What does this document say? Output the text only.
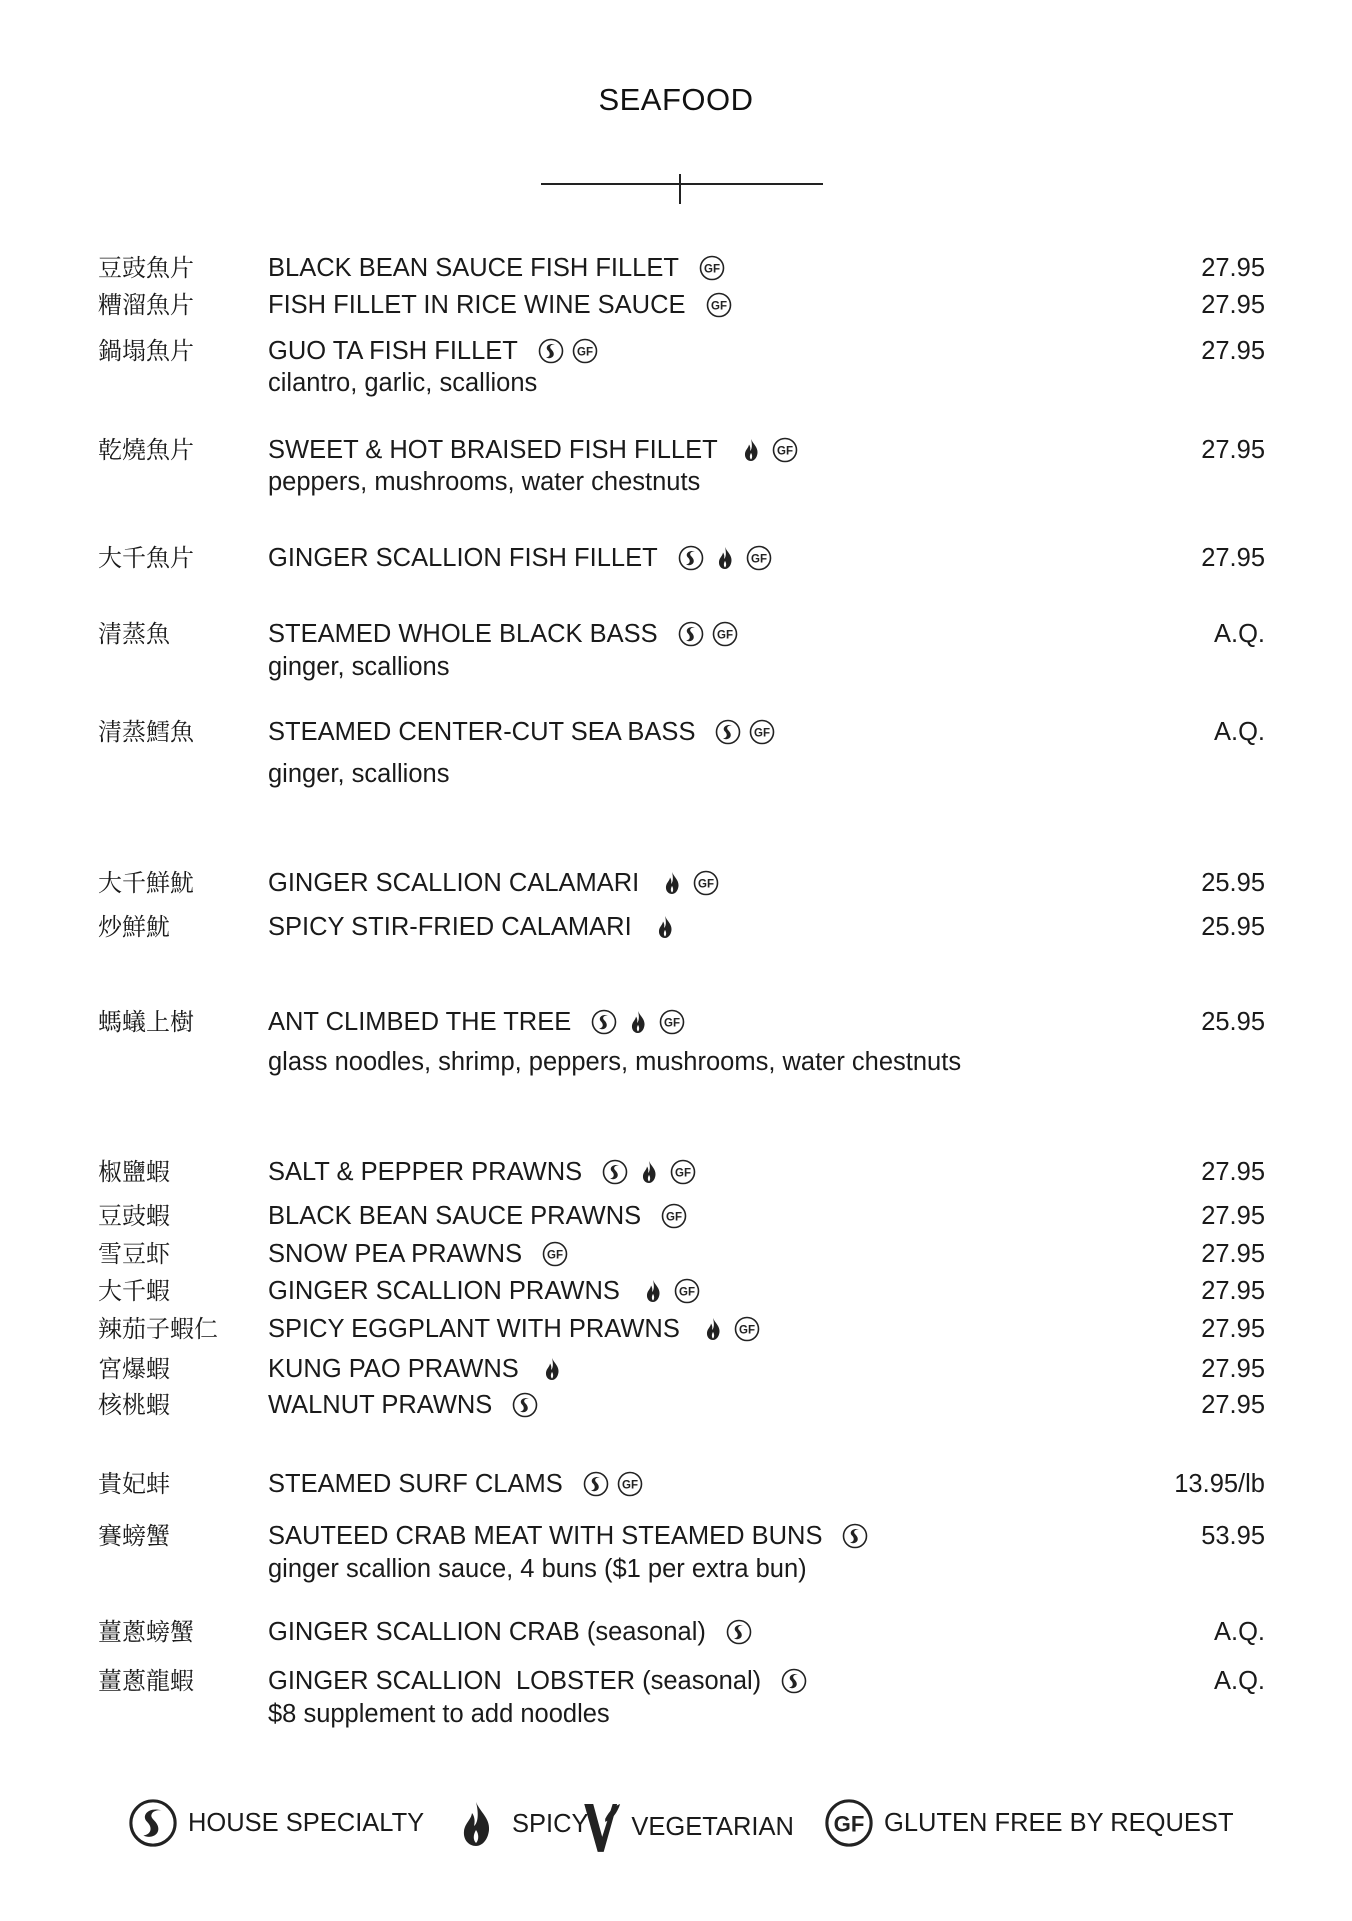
SEAFOOD
豆豉魚片	BLACK BEAN SAUCE FISH FILLET GF	27.95
糟溜魚片	FISH FILLET IN RICE WINE SAUCE GF	27.95
鍋塌魚片	GUO TA FISH FILLET	GF	27.95
cilantro, garlic, scallions
乾燒魚片	SWEET & HOT BRAISED FISH FILLET	GF	27.95
peppers, mushrooms, water chestnuts
大千魚片	GINGER SCALLION FISH FILLET	GF	27.95
清蒸魚	STEAMED WHOLE BLACK BASS	GF	A.Q.
ginger, scallions
清蒸鱈魚	STEAMED CENTER-CUT SEA BASS	GF	A.Q.
ginger, scallions
大千鮮魷	GINGER SCALLION CALAMARI	GF	25.95
炒鮮魷	SPICY STIR-FRIED CALAMARI	25.95
螞蟻上樹	ANT CLIMBED THE TREE	GF	25.95
glass noodles, shrimp, peppers, mushrooms, water chestnuts
椒鹽蝦	SALT & PEPPER PRAWNS	GF	27.95
豆豉蝦	BLACK BEAN SAUCE PRAWNS GF	27.95
雪豆虾	SNOW PEA PRAWNS GF	27.95
大千蝦	GINGER SCALLION PRAWNS	GF	27.95
辣茄子蝦仁 SPICY EGGPLANT WITH PRAWNS	GF	27.95
宮爆蝦	KUNG PAO PRAWNS	27.95
核桃蝦	WALNUT PRAWNS	27.95
貴妃蚌	STEAMED SURF CLAMS	GF	13.95/lb
賽螃蟹	SAUTEED CRAB MEAT WITH STEAMED BUNS	53.95
ginger scallion sauce, 4 buns ($1 per extra bun)
薑蔥螃蟹	GINGER SCALLION CRAB (seasonal)	A.Q.
薑蔥龍蝦	GINGER SCALLION  LOBSTER (seasonal)	A.Q.
$8 supplement to add noodles
HOUSE SPECIALTY	SPICY VEGETARIAN	GF GLUTEN FREE BY REQUEST
